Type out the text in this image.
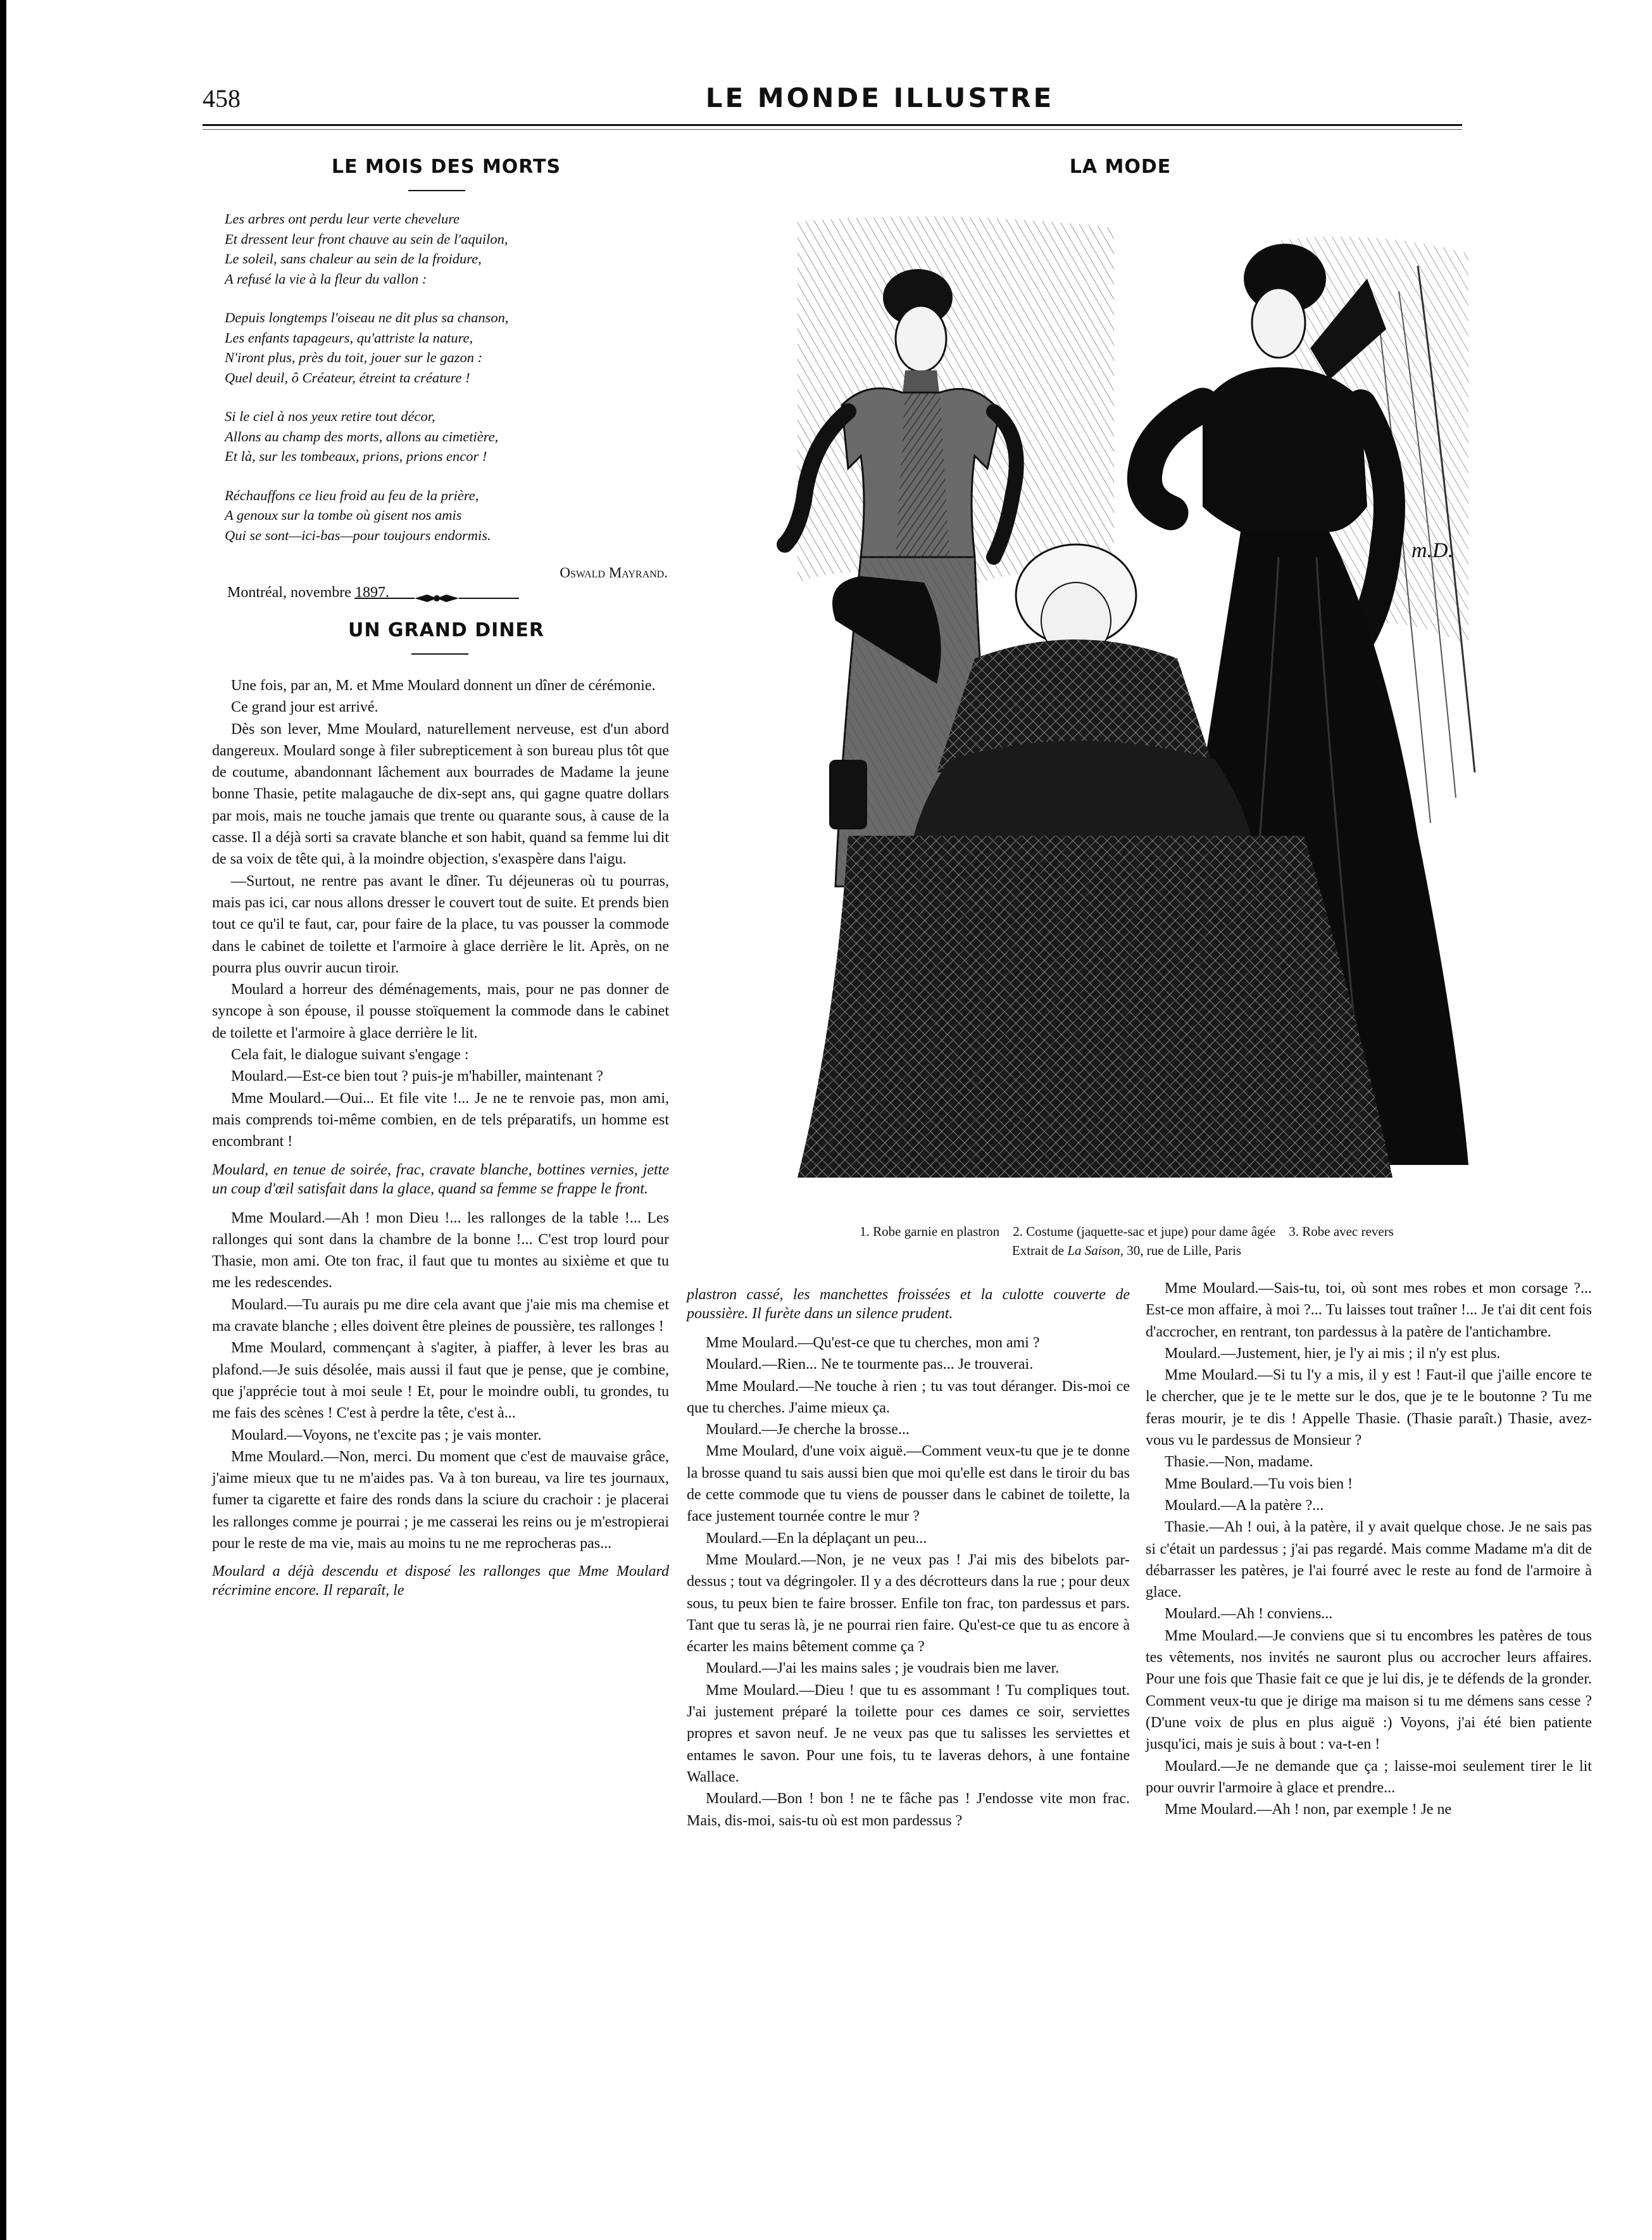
458	LE MONDE ILLUSTRE
LE MOIS DES MORTS
Les arbres ont perdu leur verte chevelure
Et dressent leur front chauve au sein de l'aquilon,
Le soleil, sans chaleur au sein de la froidure,
A refusé la vie à la fleur du vallon :
Depuis longtemps l'oiseau ne dit plus sa chanson,
Les enfants tapageurs, qu'attriste la nature,
N'iront plus, près du toit, jouer sur le gazon :
Quel deuil, ô Créateur, étreint ta créature !
Si le ciel à nos yeux retire tout décor,
Allons au champ des morts, allons au cimetière,
Et là, sur les tombeaux, prions, prions encor !
Réchauffons ce lieu froid au feu de la prière,
A genoux sur la tombe où gisent nos amis
Qui se sont—ici-bas—pour toujours endormis.
Oswald Mayrand.
Montréal, novembre 1897.
UN GRAND DINER

Une fois, par an, M. et Mme Moulard donnent un dîner de cérémonie.

Ce grand jour est arrivé.

Dès son lever, Mme Moulard, naturellement nerveuse, est d'un abord dangereux. Moulard songe à filer subrepticement à son bureau plus tôt que de coutume, abandonnant lâchement aux bourrades de Madame la jeune bonne Thasie, petite malagauche de dix-sept ans, qui gagne quatre dollars par mois, mais ne touche jamais que trente ou quarante sous, à cause de la casse. Il a déjà sorti sa cravate blanche et son habit, quand sa femme lui dit de sa voix de tête qui, à la moindre objection, s'exaspère dans l'aigu.

—Surtout, ne rentre pas avant le dîner. Tu déjeuneras où tu pourras, mais pas ici, car nous allons dresser le couvert tout de suite. Et prends bien tout ce qu'il te faut, car, pour faire de la place, tu vas pousser la commode dans le cabinet de toilette et l'armoire à glace derrière le lit. Après, on ne pourra plus ouvrir aucun tiroir.

Moulard a horreur des déménagements, mais, pour ne pas donner de syncope à son épouse, il pousse stoïquement la commode dans le cabinet de toilette et l'armoire à glace derrière le lit.

Cela fait, le dialogue suivant s'engage :

Moulard.—Est-ce bien tout ? puis-je m'habiller, maintenant ?

Mme Moulard.—Oui... Et file vite !... Je ne te renvoie pas, mon ami, mais comprends toi-même combien, en de tels préparatifs, un homme est encombrant !

Moulard, en tenue de soirée, frac, cravate blanche, bottines vernies, jette un coup d'œil satisfait dans la glace, quand sa femme se frappe le front.

Mme Moulard.—Ah ! mon Dieu !... les rallonges de la table !... Les rallonges qui sont dans la chambre de la bonne !... C'est trop lourd pour Thasie, mon ami. Ote ton frac, il faut que tu montes au sixième et que tu me les redescendes.

Moulard.—Tu aurais pu me dire cela avant que j'aie mis ma chemise et ma cravate blanche ; elles doivent être pleines de poussière, tes rallonges !

Mme Moulard, commençant à s'agiter, à piaffer, à lever les bras au plafond.—Je suis désolée, mais aussi il faut que je pense, que je combine, que j'apprécie tout à moi seule ! Et, pour le moindre oubli, tu grondes, tu me fais des scènes ! C'est à perdre la tête, c'est à...

Moulard.—Voyons, ne t'excite pas ; je vais monter.

Mme Moulard.—Non, merci. Du moment que c'est de mauvaise grâce, j'aime mieux que tu ne m'aides pas. Va à ton bureau, va lire tes journaux, fumer ta cigarette et faire des ronds dans la sciure du crachoir : je placerai les rallonges comme je pourrai ; je me casserai les reins ou je m'estropierai pour le reste de ma vie, mais au moins tu ne me reprocheras pas...

Moulard a déjà descendu et disposé les rallonges que Mme Moulard récrimine encore. Il reparaît, le

LA MODE
m.D.
1. Robe garnie en plastron    2. Costume (jaquette-sac et jupe) pour dame âgée    3. Robe avec revers
Extrait de La Saison, 30, rue de Lille, Paris

plastron cassé, les manchettes froissées et la culotte couverte de poussière. Il furète dans un silence prudent.

Mme Moulard.—Qu'est-ce que tu cherches, mon ami ?

Moulard.—Rien... Ne te tourmente pas... Je trouverai.

Mme Moulard.—Ne touche à rien ; tu vas tout déranger. Dis-moi ce que tu cherches. J'aime mieux ça.

Moulard.—Je cherche la brosse...

Mme Moulard, d'une voix aiguë.—Comment veux-tu que je te donne la brosse quand tu sais aussi bien que moi qu'elle est dans le tiroir du bas de cette commode que tu viens de pousser dans le cabinet de toilette, la face justement tournée contre le mur ?

Moulard.—En la déplaçant un peu...

Mme Moulard.—Non, je ne veux pas ! J'ai mis des bibelots par-dessus ; tout va dégringoler. Il y a des décrotteurs dans la rue ; pour deux sous, tu peux bien te faire brosser. Enfile ton frac, ton pardessus et pars. Tant que tu seras là, je ne pourrai rien faire. Qu'est-ce que tu as encore à écarter les mains bêtement comme ça ?

Moulard.—J'ai les mains sales ; je voudrais bien me laver.

Mme Moulard.—Dieu ! que tu es assommant ! Tu compliques tout. J'ai justement préparé la toilette pour ces dames ce soir, serviettes propres et savon neuf. Je ne veux pas que tu salisses les serviettes et entames le savon. Pour une fois, tu te laveras dehors, à une fontaine Wallace.

Moulard.—Bon ! bon ! ne te fâche pas ! J'endosse vite mon frac. Mais, dis-moi, sais-tu où est mon pardessus ?

Mme Moulard.—Sais-tu, toi, où sont mes robes et mon corsage ?... Est-ce mon affaire, à moi ?... Tu laisses tout traîner !... Je t'ai dit cent fois d'accrocher, en rentrant, ton pardessus à la patère de l'antichambre.

Moulard.—Justement, hier, je l'y ai mis ; il n'y est plus.

Mme Moulard.—Si tu l'y a mis, il y est ! Faut-il que j'aille encore te le chercher, que je te le mette sur le dos, que je te le boutonne ? Tu me feras mourir, je te dis ! Appelle Thasie. (Thasie paraît.) Thasie, avez-vous vu le pardessus de Monsieur ?

Thasie.—Non, madame.

Mme Boulard.—Tu vois bien !

Moulard.—A la patère ?...

Thasie.—Ah ! oui, à la patère, il y avait quelque chose. Je ne sais pas si c'était un pardessus ; j'ai pas regardé. Mais comme Madame m'a dit de débarrasser les patères, je l'ai fourré avec le reste au fond de l'armoire à glace.

Moulard.—Ah ! conviens...

Mme Moulard.—Je conviens que si tu encombres les patères de tous tes vêtements, nos invités ne sauront plus ou accrocher leurs affaires. Pour une fois que Thasie fait ce que je lui dis, je te défends de la gronder. Comment veux-tu que je dirige ma maison si tu me démens sans cesse ? (D'une voix de plus en plus aiguë :) Voyons, j'ai été bien patiente jusqu'ici, mais je suis à bout : va-t-en !

Moulard.—Je ne demande que ça ; laisse-moi seulement tirer le lit pour ouvrir l'armoire à glace et prendre...

Mme Moulard.—Ah ! non, par exemple ! Je ne
